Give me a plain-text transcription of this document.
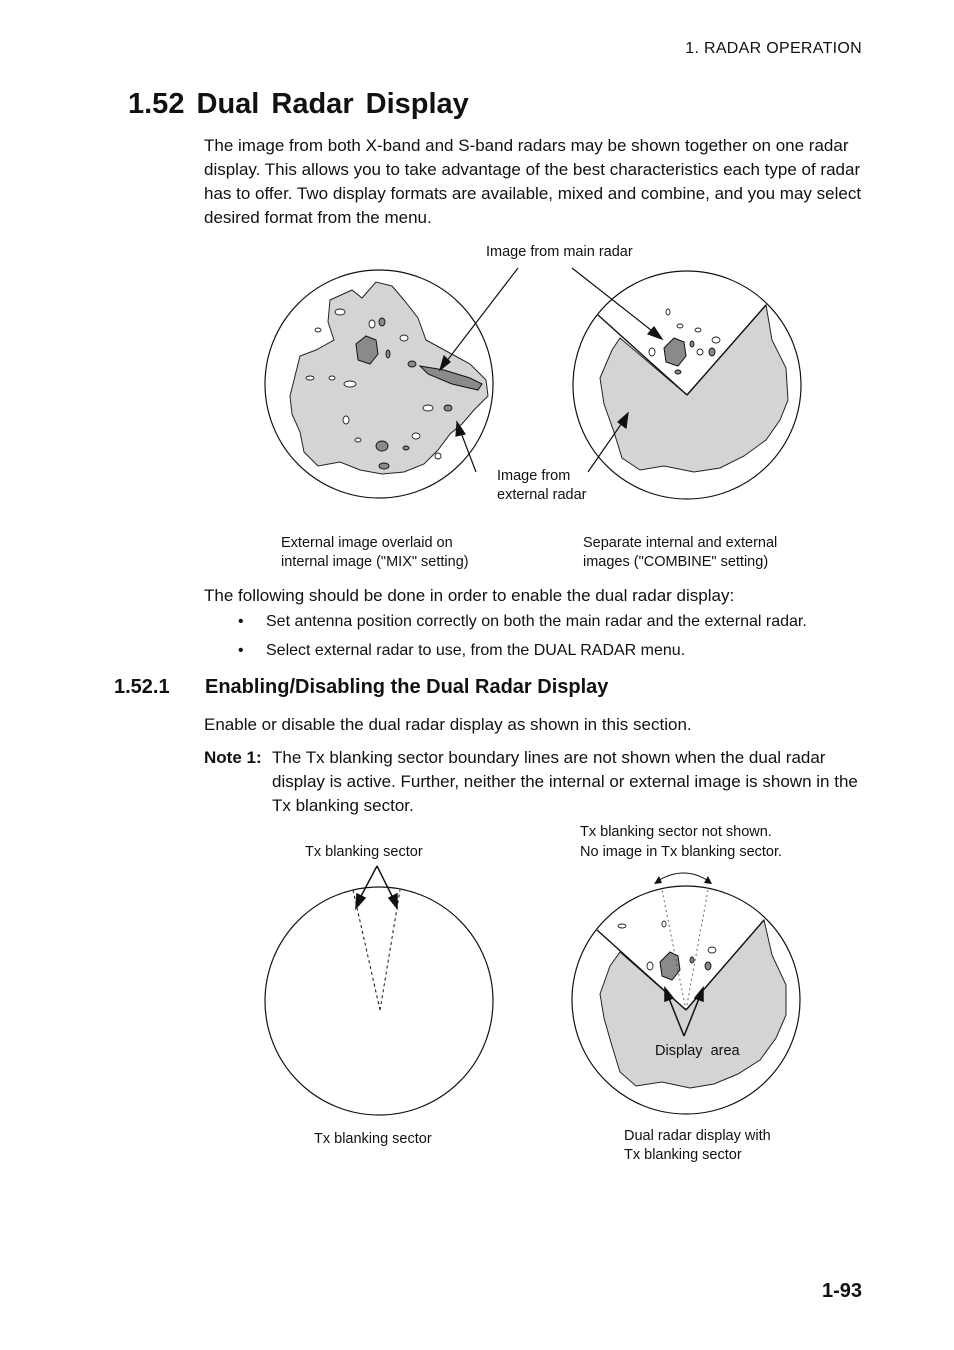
1. RADAR OPERATION
1.52 Dual Radar Display

The image from both X-band and S-band radars may be shown together on one radar display. This allows you to take advantage of the best characteristics each type of radar has to offer. Two display formats are available, mixed and combine, and you may select desired format from the menu.

Image from main radar
Image from
external radar
External image overlaid on
internal image ("MIX" setting)
Separate internal and external
images ("COMBINE" setting)

The following should be done in order to enable the dual radar display:

• Set antenna position correctly on both the main radar and the external radar.
• Select external radar to use, from the DUAL RADAR menu.
1.52.1 Enabling/Disabling the Dual Radar Display

Enable or disable the dual radar display as shown in this section.

Note 1: The Tx blanking sector boundary lines are not shown when the dual radar display is active. Further, neither the internal or external image is shown in the Tx blanking sector.
Tx blanking sector
Tx blanking sector not shown.
No image in Tx blanking sector.
Display  area
Tx blanking sector	Dual radar display with
Tx blanking sector
1-93
